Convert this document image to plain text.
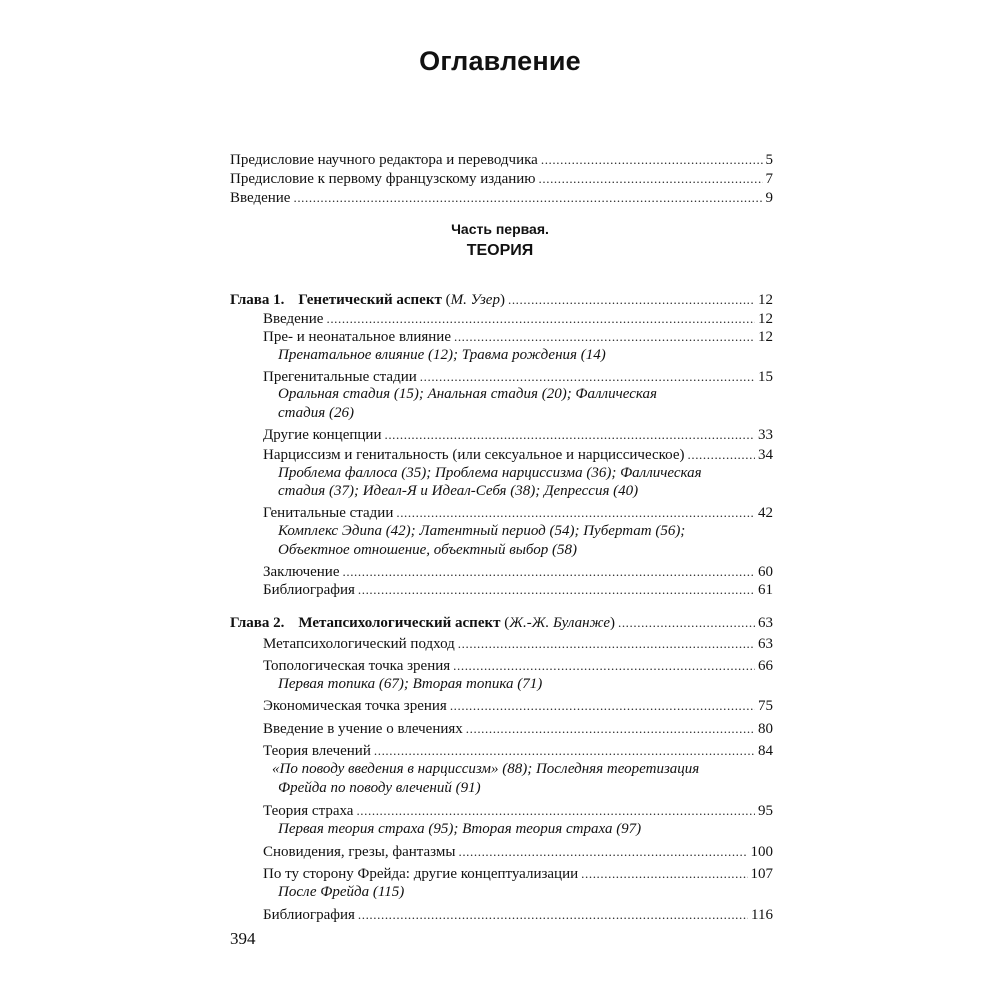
Оглавление
Предисловие научного редактора и переводчика .....	5
Предисловие к первому французскому изданию .....	7
Введение .....	9
Часть первая.
ТЕОРИЯ
Глава 1. Генетический аспект (М. Узер) .....	12
Введение .....	12
Пре- и неонатальное влияние .....	12
Пренатальное влияние (12); Травма рождения (14)
Прегенитальные стадии .....	15
Оральная стадия (15); Анальная стадия (20); Фаллическая
стадия (26)
Другие концепции .....	33
Нарциссизм и генитальность (или сексуальное и нарциссическое) .....	34
Проблема фаллоса (35); Проблема нарциссизма (36); Фаллическая
стадия (37); Идеал-Я и Идеал-Себя (38); Депрессия (40)
Генитальные стадии .....	42
Комплекс Эдипа (42); Латентный период (54); Пубертат (56);
Объектное отношение, объектный выбор (58)
Заключение .....	60
Библиография .....	61
Глава 2. Метапсихологический аспект (Ж.-Ж. Буланже) .....	63
Метапсихологический подход .....	63
Топологическая точка зрения .....	66
Первая топика (67); Вторая топика (71)
Экономическая точка зрения .....	75
Введение в учение о влечениях .....	80
Теория влечений .....	84
«По поводу введения в нарциссизм» (88); Последняя теоретизация
Фрейда по поводу влечений (91)
Теория страха .....	95
Первая теория страха (95); Вторая теория страха (97)
Сновидения, грезы, фантазмы .....	100
По ту сторону Фрейда: другие концептуализации .....	107
После Фрейда (115)
Библиография .....	116
394
